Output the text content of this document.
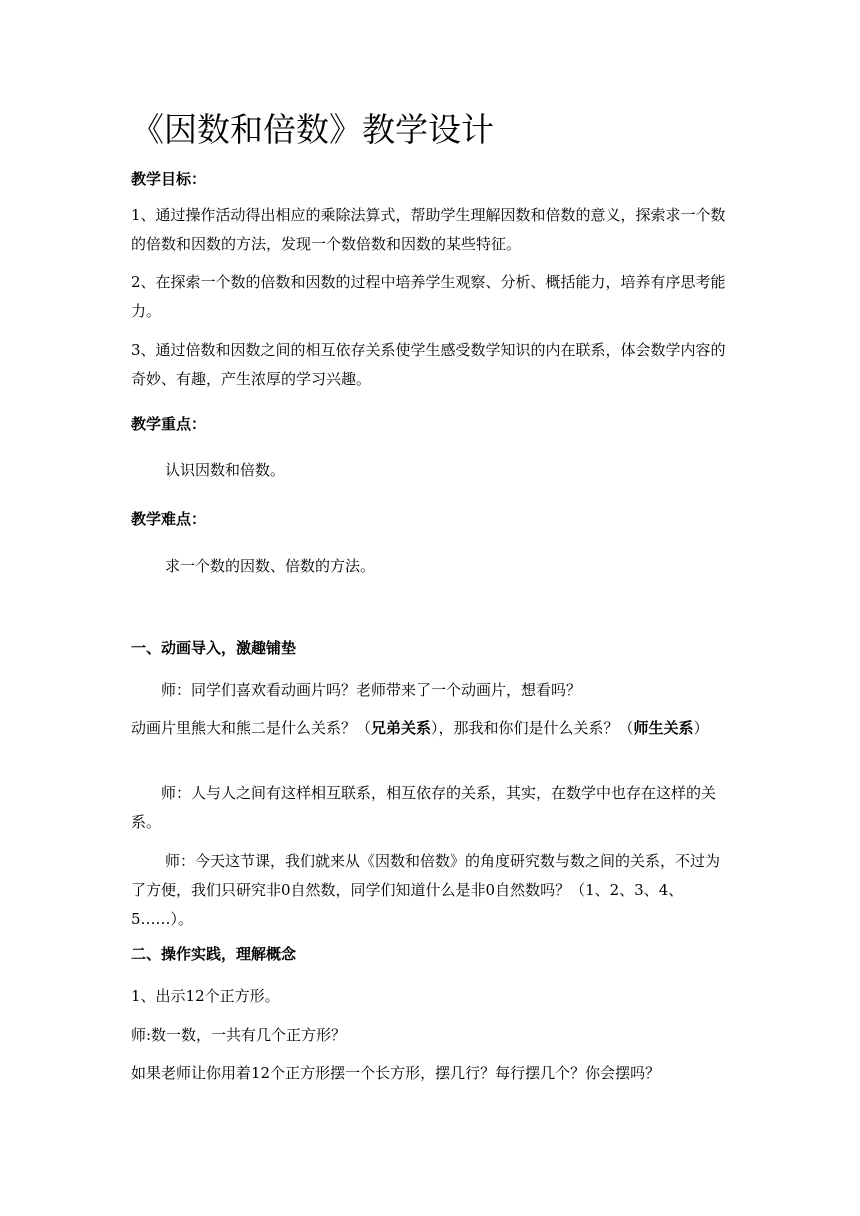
《因数和倍数》教学设计
教学目标：

1、通过操作活动得出相应的乘除法算式，帮助学生理解因数和倍数的意义，探索求一个数的倍数和因数的方法，发现一个数倍数和因数的某些特征。

2、在探索一个数的倍数和因数的过程中培养学生观察、分析、概括能力，培养有序思考能力。

3、通过倍数和因数之间的相互依存关系使学生感受数学知识的内在联系，体会数学内容的奇妙、有趣，产生浓厚的学习兴趣。

教学重点：

认识因数和倍数。

教学难点：

求一个数的因数、倍数的方法。

一、动画导入，激趣铺垫

师：同学们喜欢看动画片吗？老师带来了一个动画片，想看吗？

动画片里熊大和熊二是什么关系？（兄弟关系），那我和你们是什么关系？（师生关系）

师：人与人之间有这样相互联系，相互依存的关系，其实，在数学中也存在这样的关系。

师：今天这节课，我们就来从《因数和倍数》的角度研究数与数之间的关系，不过为了方便，我们只研究非0自然数，同学们知道什么是非0自然数吗？（1、2、3、4、5……）。

二、操作实践，理解概念

1、出示12个正方形。

师:数一数，一共有几个正方形？

如果老师让你用着12个正方形摆一个长方形，摆几行？每行摆几个？你会摆吗？
